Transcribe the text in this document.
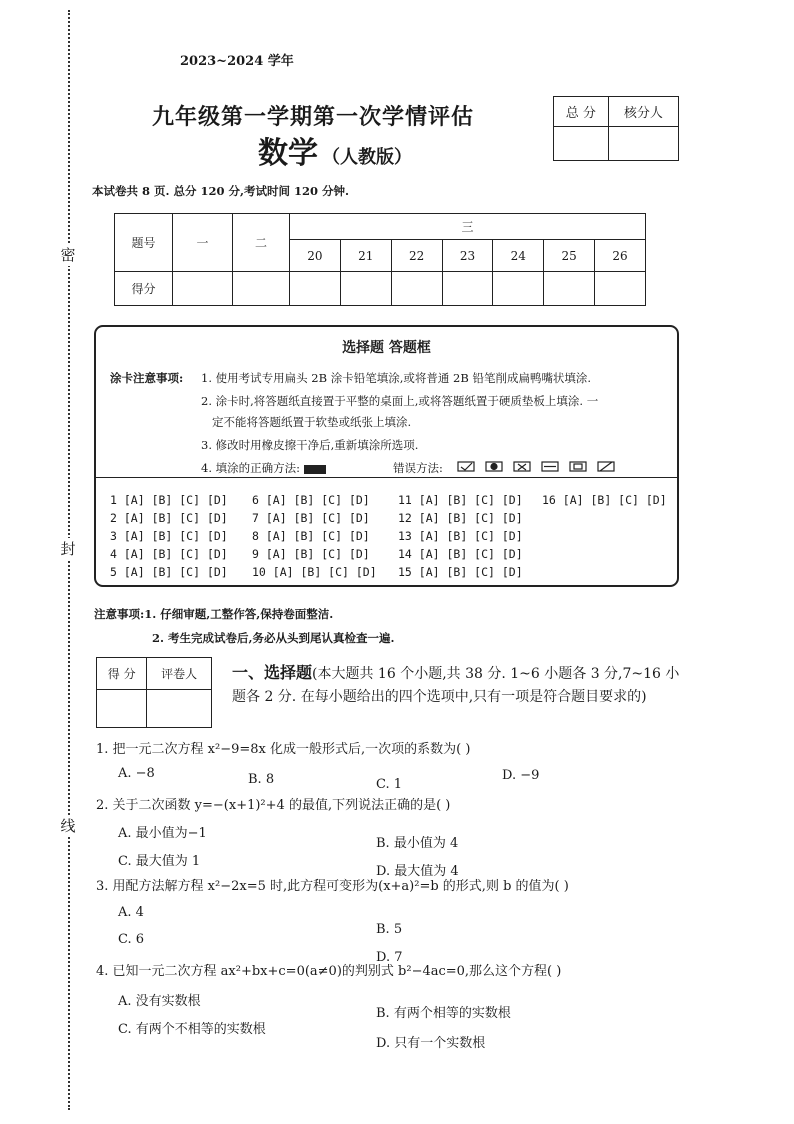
密
封
线
2023~2024 学年
九年级第一学期第一次学情评估
数学 （人教版）
总 分	核分人

本试卷共 8 页. 总分 120 分,考试时间 120 分钟.
题号	一	二	三						
			20	21	22	23	24	25	26
得分									
选择题 答题框
涂卡注意事项: 1. 使用考试专用扁头 2B 涂卡铅笔填涂,或将普通 2B 铅笔削成扁鸭嘴状填涂.
2. 涂卡时,将答题纸直接置于平整的桌面上,或将答题纸置于硬质垫板上填涂. 一
定不能将答题纸置于软垫或纸张上填涂.
3. 修改时用橡皮擦干净后,重新填涂所选项.
4. 填涂的正确方法:	错误方法:
1 [A] [B] [C] [D]
2 [A] [B] [C] [D]
3 [A] [B] [C] [D]
4 [A] [B] [C] [D]
5 [A] [B] [C] [D]
6 [A] [B] [C] [D]
7 [A] [B] [C] [D]
8 [A] [B] [C] [D]
9 [A] [B] [C] [D]
10 [A] [B] [C] [D]
11 [A] [B] [C] [D]
12 [A] [B] [C] [D]
13 [A] [B] [C] [D]
14 [A] [B] [C] [D]
15 [A] [B] [C] [D]
16 [A] [B] [C] [D]
注意事项:1. 仔细审题,工整作答,保持卷面整洁.
2. 考生完成试卷后,务必从头到尾认真检查一遍.
得 分	评卷人
	一、选择题(本大题共 16 个小题,共 38 分. 1~6 小题各 3 分,7~16 小题各 2 分. 在每小题给出的四个选项中,只有一项是符合题目要求的)
1. 把一元二次方程 x²−9=8x 化成一般形式后,一次项的系数为( )
A. −8	B. 8	C. 1
D. −9
2. 关于二次函数 y=−(x+1)²+4 的最值,下列说法正确的是( )
A. 最小值为−1
B. 最小值为 4
C. 最大值为 1
D. 最大值为 4
3. 用配方法解方程 x²−2x=5 时,此方程可变形为(x+a)²=b 的形式,则 b 的值为( )
A. 4
B. 5
C. 6
D. 7
4. 已知一元二次方程 ax²+bx+c=0(a≠0)的判别式 b²−4ac=0,那么这个方程( )
A. 没有实数根
B. 有两个相等的实数根
C. 有两个不相等的实数根
D. 只有一个实数根
